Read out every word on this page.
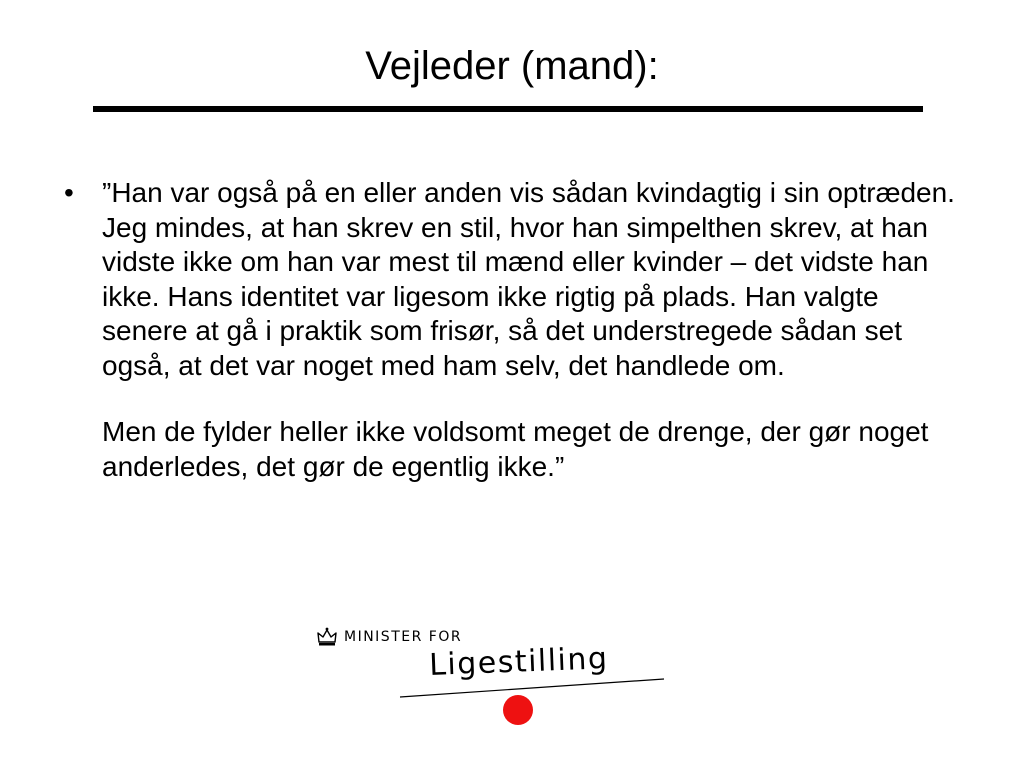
Vejleder (mand):
•	”Han var også på en eller anden vis sådan kvindagtig i sin optræden. Jeg mindes, at han skrev en stil, hvor han simpelthen skrev, at han vidste ikke om han var mest til mænd eller kvinder – det vidste han ikke. Hans identitet var ligesom ikke rigtig på plads. Han valgte senere at gå i praktik som frisør, så det understregede sådan set også, at det var noget med ham selv, det handlede om.

Men de fylder heller ikke voldsomt meget de drenge, der gør noget anderledes, det gør de egentlig ikke.”

MINISTER FOR
Ligestilling
